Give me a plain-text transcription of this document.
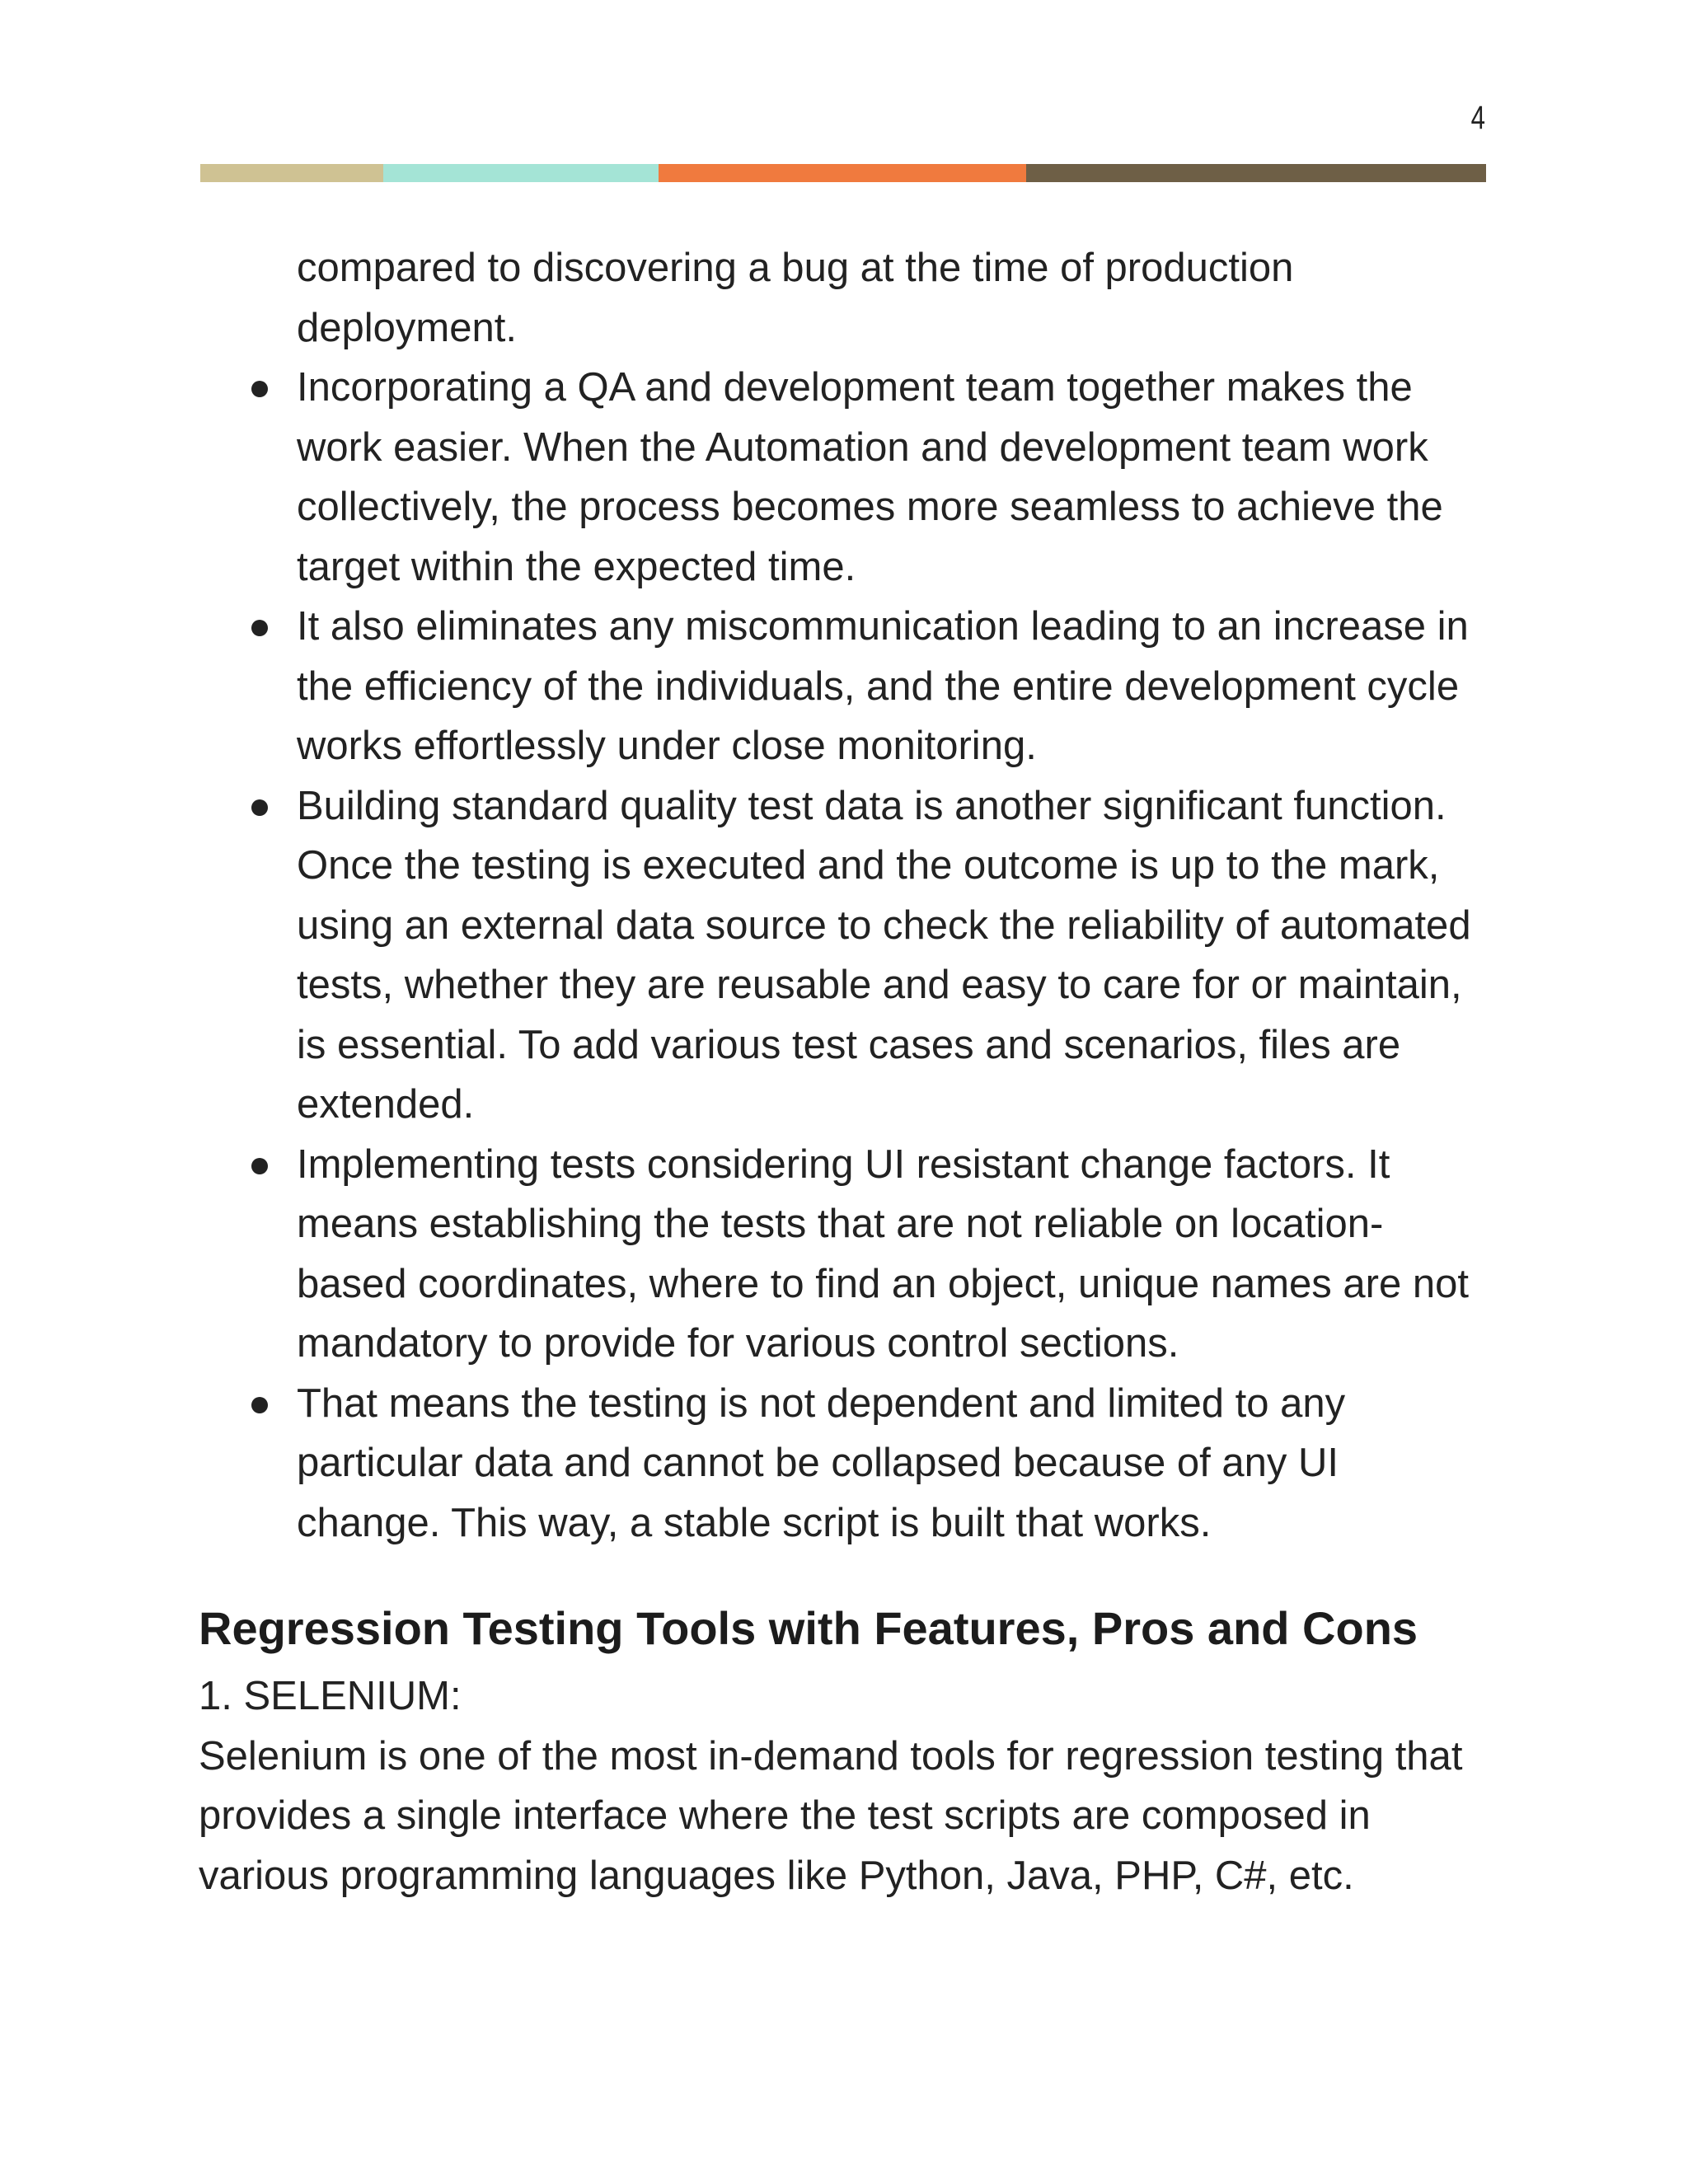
4
compared to discovering a bug at the time of production deployment.
Incorporating a QA and development team together makes the work easier. When the Automation and development team work collectively, the process becomes more seamless to achieve the target within the expected time.
It also eliminates any miscommunication leading to an increase in the efficiency of the individuals, and the entire development cycle works effortlessly under close monitoring.
Building standard quality test data is another significant function. Once the testing is executed and the outcome is up to the mark, using an external data source to check the reliability of automated tests, whether they are reusable and easy to care for or maintain, is essential. To add various test cases and scenarios, files are extended.
Implementing tests considering UI resistant change factors. It means establishing the tests that are not reliable on location-based coordinates, where to find an object, unique names are not mandatory to provide for various control sections.
That means the testing is not dependent and limited to any particular data and cannot be collapsed because of any UI change. This way, a stable script is built that works.
Regression Testing Tools with Features, Pros and Cons
1. SELENIUM:

Selenium is one of the most in-demand tools for regression testing that provides a single interface where the test scripts are composed in various programming languages like Python, Java, PHP, C#, etc.
